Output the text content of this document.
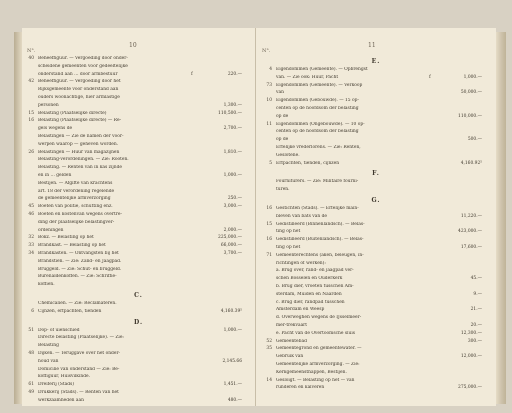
10
N°.
40 Beheeffiguur. — Vergoeding door onder-
scheidene gemeenten voor gedeeltelijke
onderstand aan … door armbestuur	f	220.—
42 Beheeffiguur. — Vergoeding door het
Rijksgemeente voor onderstand aan
ouders woonachtige, hier armlastige
personen	1,300.—
15 Belasting (Plaatselijke directe)	110,500.—
16 Belasting (Plaatselijke directe) — Re-
gels wegens de	2,700.—
Belastingen — Zie de namen der voor-
werpen waarop — geheven worden.
26 Belastingen — Huur van magazijnen	1,810.—
Belasting-verordeningen. — Zie: Rooten.
Belasting. — Renten van in kas zijnde
en in … gelden	1,000.—
Bestijen. — Afgifte van krachtens
art. 18 der verordening regelende
de gemeentelijke armverzorging	250.—
45 Boeten van politie, schutting enz.	3,000.—
46 Boeten en kostenvan wegens overtre-
ding der plaatselijke belastingver-
ordeningen	2,000.—
32 Bokz. — Belasting op het	225,000.—
33 Brandkast. — Belasting op het	66,000.—
34 Brandkasten. — Ontvangsten bij het	3,700.—
Brandstien. — Zie: Zand- en Jaagpad.
Bruggeld. — Zie: Schut- en bruggeld.
Burenaldenkoffen. — Zie: Schriffie-
koffien.
C.
Chemicaliën. — Zie: Reclamateren.
6 Cijnzen, erfpachten, tienden	4,160.39⁵
D.
51 Dop- of uienschied	1,000.—
Directe belasting (Plaatselijke). — Zie:
Belasting
48 Dijken. — Teruggave over het onder-
houd van	2,145.66
Domicilie van onderstand — Zie: Be-
koffiguur, Huisvilkinde.
61 Dreiferij (Stads)	1,451.—
49 Drukkerij (Stads). — Renten van het
werkzaamheden aan	480.—
11
N°.
E.
4 Eigendommen (Gemeente). — Opbrengst
van. — Zie ook: Huur, Pacht	f	1,000.—
73 Eigendommen (Gemeente). — Verkoop
van	50,000.—
10 Eigendommen (Gebouwde). — 15 op-
centen op de hoofdsom der belasting
op de	110,000.—
11 Eigendommen (Ongebouwde). — 10 op-
centen op de hoofdsom der belasting
op de	500.—
Erfelijke vrederlorens. — Zie: Renten,
Geslotene.
5 Erfpachten, tienden, cijnzen	4,160.92⁵
F.
Fourniturers. — Zie: Militaire fourni-
turen.
G.
16 Gestichten (Stads). — Erfelijke main-
bleven van bats van de	11,220.—
15 Gedistilleerd (Binnenlandsch). — Belas-
ting op het	423,000.—
16 Gedistilleerd (Buitenlandsch). — Belas-
ting op het	17,600.—
71 Gemeenterechtens (aken, beleugen, in-
richtingen of werken):
a. Brûg over, rand- en jaagpad ver-
schen Bosselen en Ouderkerk	45.—
b. Brûg dier, vroeten tusschen Am-
sterdam, Muiden en Naarden	9.—
c. Brûg dier, randpad tusschen
Amsterdam en Weesp	21.—
d. Overweghen wegens de IJsselmeer-
mer-trekvaart	20.—
e. Pacht van de Overtoomsche sluis	12,300.—
52 Gemeentebad	300.—
35 Gemeentegrond en gemeentewater. —
Gebruik van	12,000.—
Gemeentelijke armverzorging. — Zie:
Kerkgemeensthappen, Bestijen.
14 Gesloigt. — Belasting op het — van
runderen en kalveren	275,000.—
